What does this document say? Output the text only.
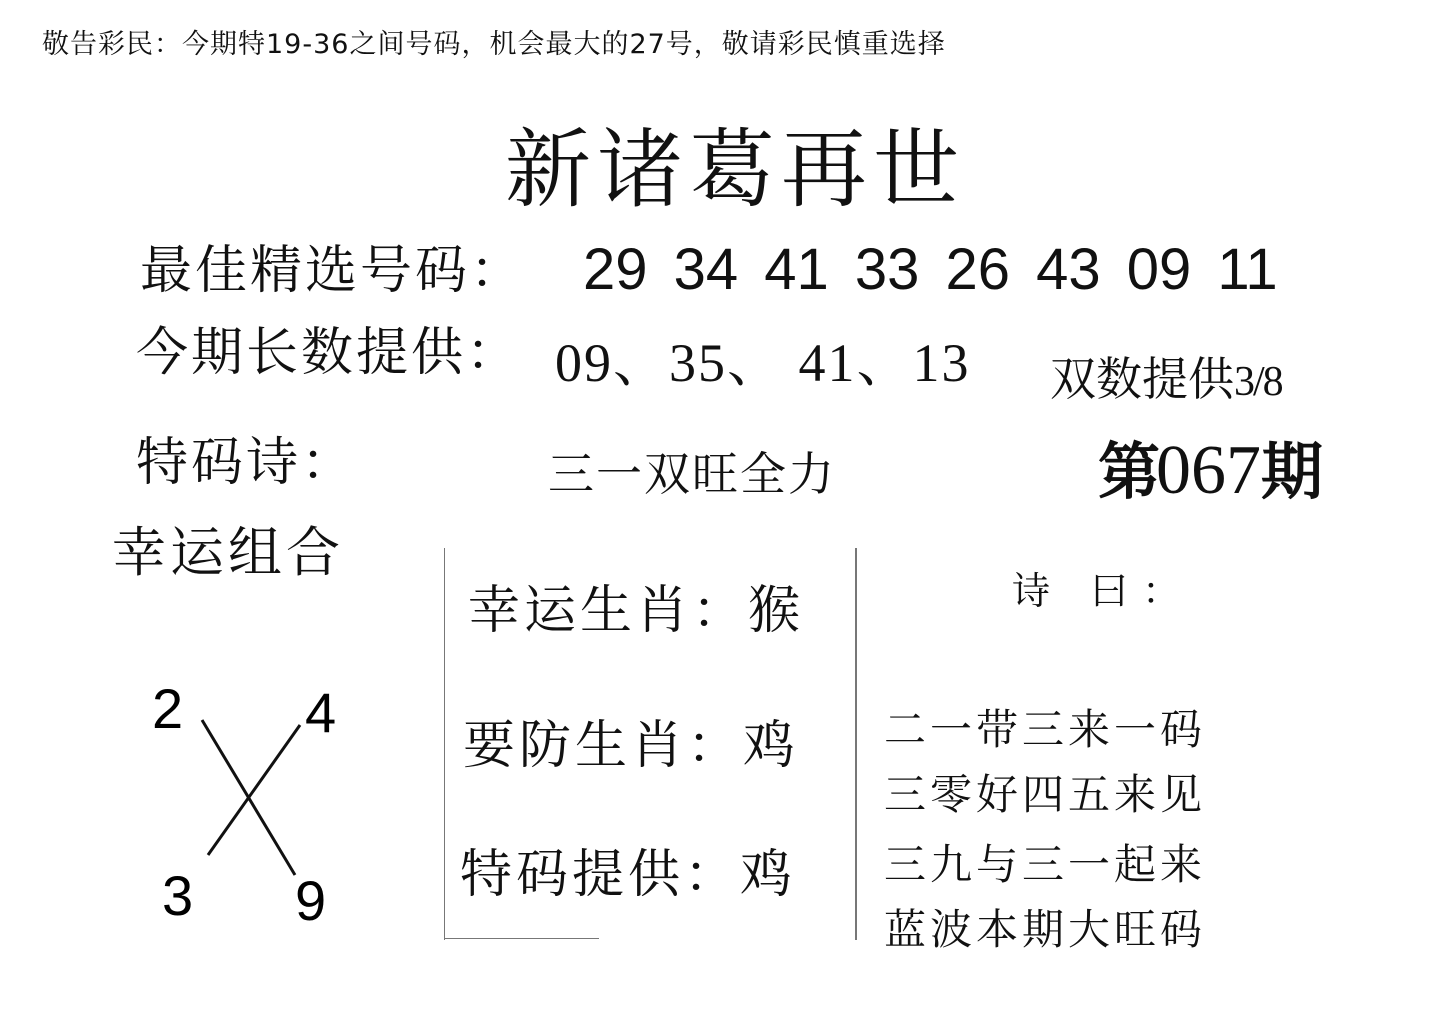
敬告彩民：今期特19-36之间号码，机会最大的27号，敬请彩民慎重选择
新诸葛再世
最佳精选号码： 29 34 41 33 26 43 09 11
今期长数提供： 09、35、 41、13 双数提供3/8
特码诗：	三一双旺全力	第067期
幸运组合
2 4
3 9
幸运生肖：猴
要防生肖：鸡
特码提供：鸡
诗 曰：
二一带三来一码
三零好四五来见
三九与三一起来
蓝波本期大旺码
